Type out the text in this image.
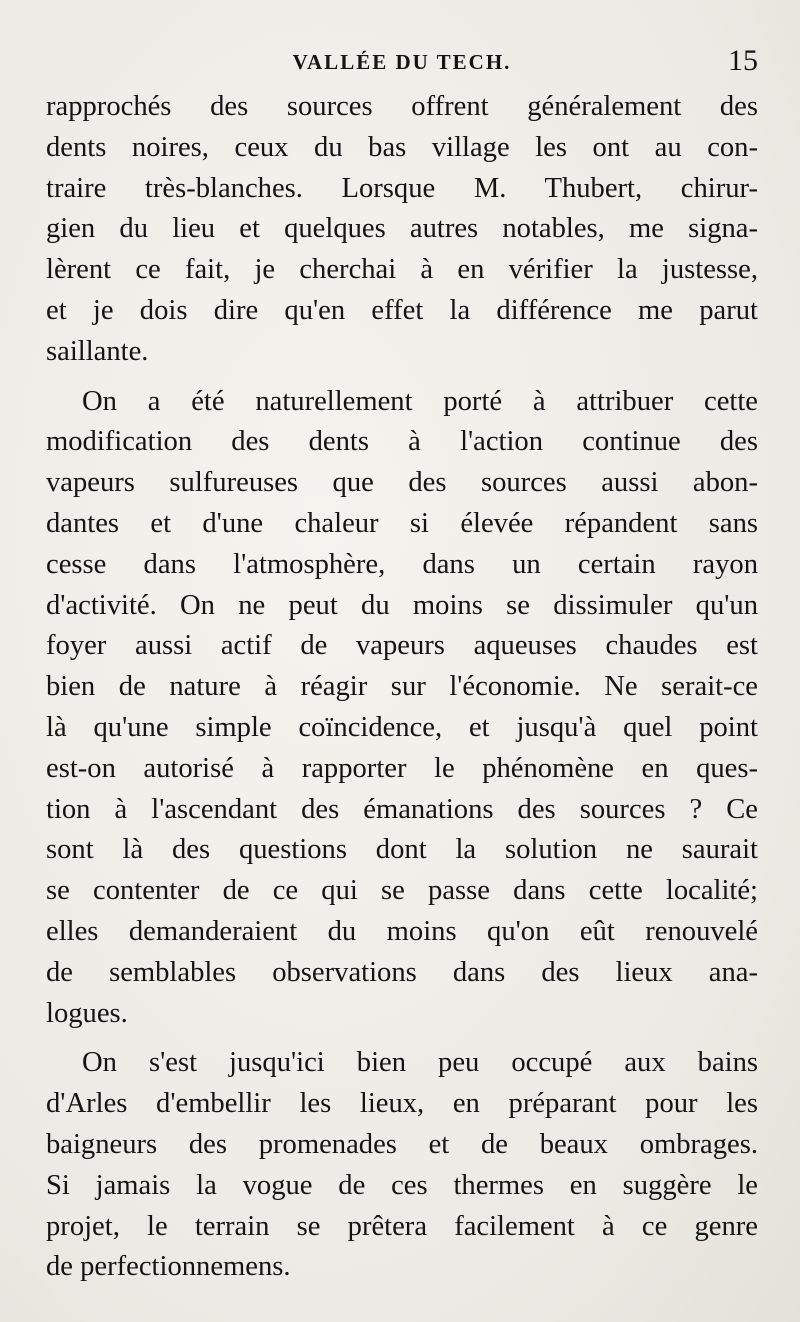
VALLÉE DU TECH.	15
rapprochés des sources offrent généralement des
dents noires, ceux du bas village les ont au con-
traire très-blanches. Lorsque M. Thubert, chirur-
gien du lieu et quelques autres notables, me signa-
lèrent ce fait, je cherchai à en vérifier la justesse,
et je dois dire qu'en effet la différence me parut
saillante.
On a été naturellement porté à attribuer cette
modification des dents à l'action continue des
vapeurs sulfureuses que des sources aussi abon-
dantes et d'une chaleur si élevée répandent sans
cesse dans l'atmosphère, dans un certain rayon
d'activité. On ne peut du moins se dissimuler qu'un
foyer aussi actif de vapeurs aqueuses chaudes est
bien de nature à réagir sur l'économie. Ne serait-ce
là qu'une simple coïncidence, et jusqu'à quel point
est-on autorisé à rapporter le phénomène en ques-
tion à l'ascendant des émanations des sources ? Ce
sont là des questions dont la solution ne saurait
se contenter de ce qui se passe dans cette localité;
elles demanderaient du moins qu'on eût renouvelé
de semblables observations dans des lieux ana-
logues.
On s'est jusqu'ici bien peu occupé aux bains
d'Arles d'embellir les lieux, en préparant pour les
baigneurs des promenades et de beaux ombrages.
Si jamais la vogue de ces thermes en suggère le
projet, le terrain se prêtera facilement à ce genre
de perfectionnemens.
